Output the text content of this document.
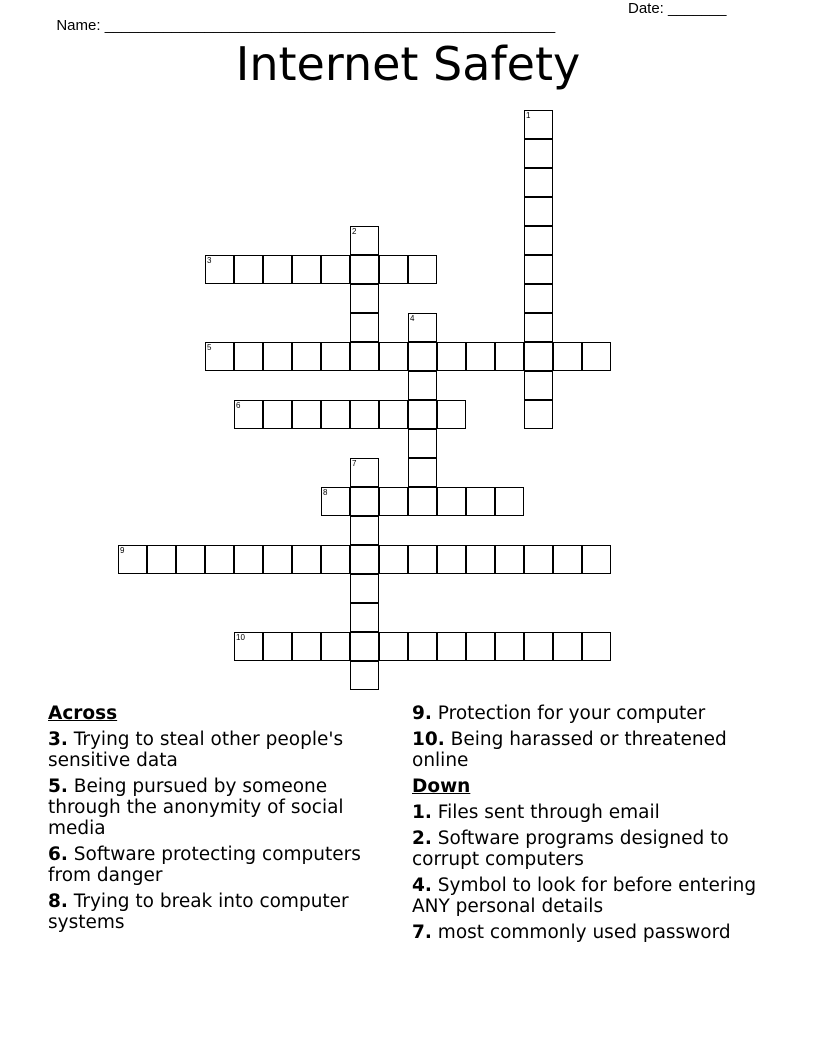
Name: ______________________________________________________

Date: _______

Internet Safety
1
2
3
4
5
6
7
8
9
10
Across
3. Trying to steal other people's sensitive data
5. Being pursued by someone through the anonymity of social media
6. Software protecting computers from danger
8. Trying to break into computer systems
9. Protection for your computer
10. Being harassed or threatened online
Down
1. Files sent through email
2. Software programs designed to corrupt computers
4. Symbol to look for before entering ANY personal details
7. most commonly used password
